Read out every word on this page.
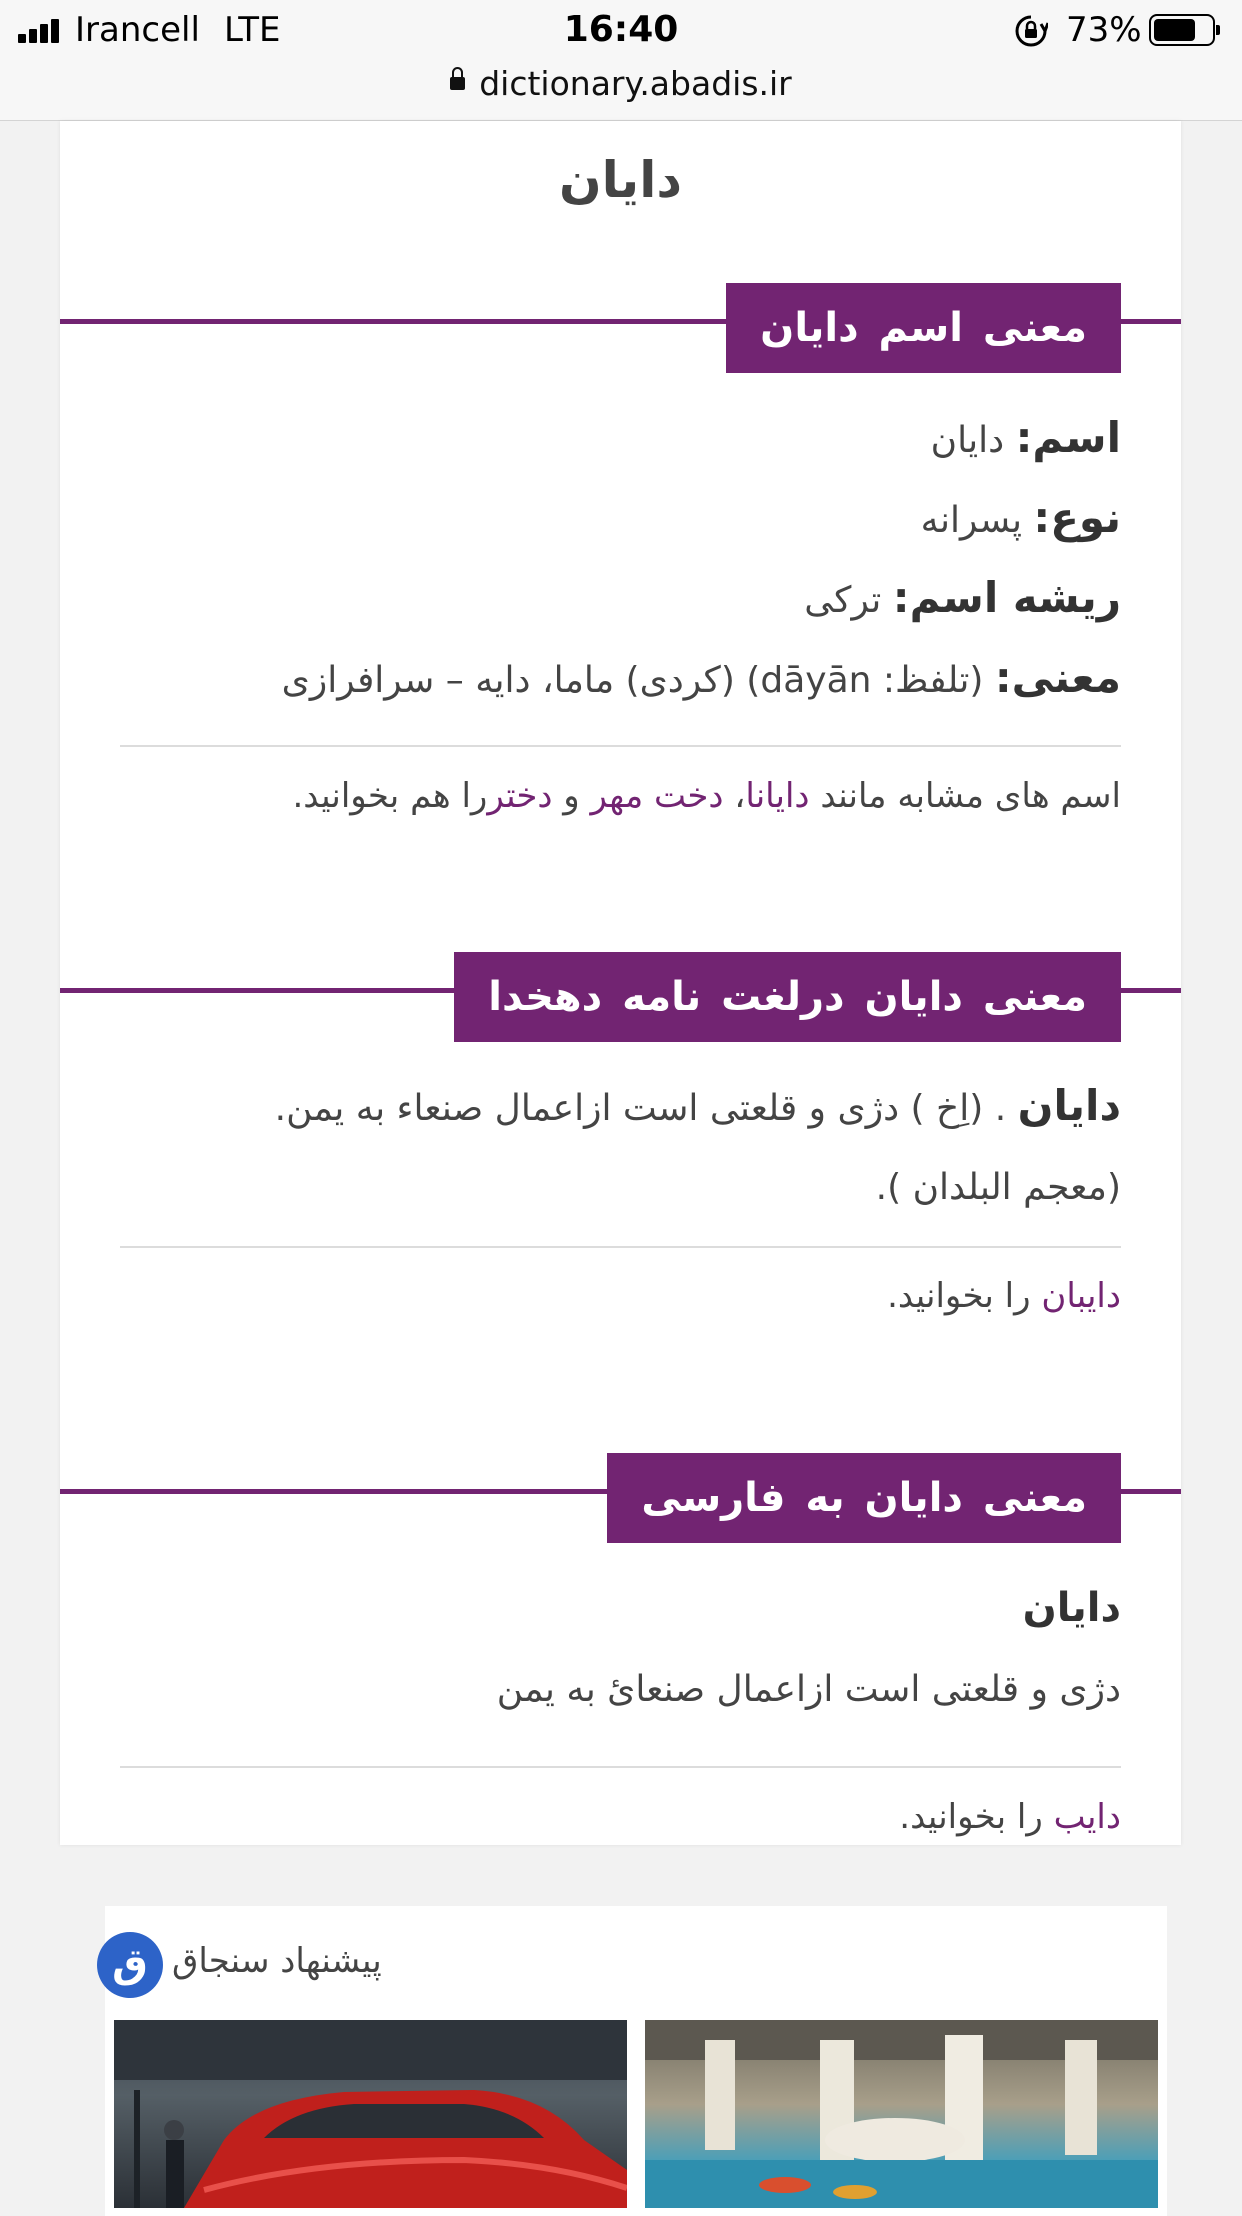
Irancell LTE	16:40	73%
dictionary.abadis.ir
دایان
معنی اسم دایان
اسم: دایان
نوع: پسرانه
ریشه اسم: ترکی
معنی: (تلفظ: dāyān) (کردی) ماما، دایه – سرافرازی
اسم های مشابه مانند دایانا، دخت مهر و دختررا هم بخوانید.
معنی دایان درلغت نامه دهخدا
دایان . (اِخ ) دژی و قلعتی است ازاعمال صنعاء به یمن.
(معجم البلدان ).
دایبان را بخوانید.
معنی دایان به فارسی
دایان
دژی و قلعتی است ازاعمال صنعائ به یمن
دایب را بخوانید.
ق پیشنهاد سنجاق
